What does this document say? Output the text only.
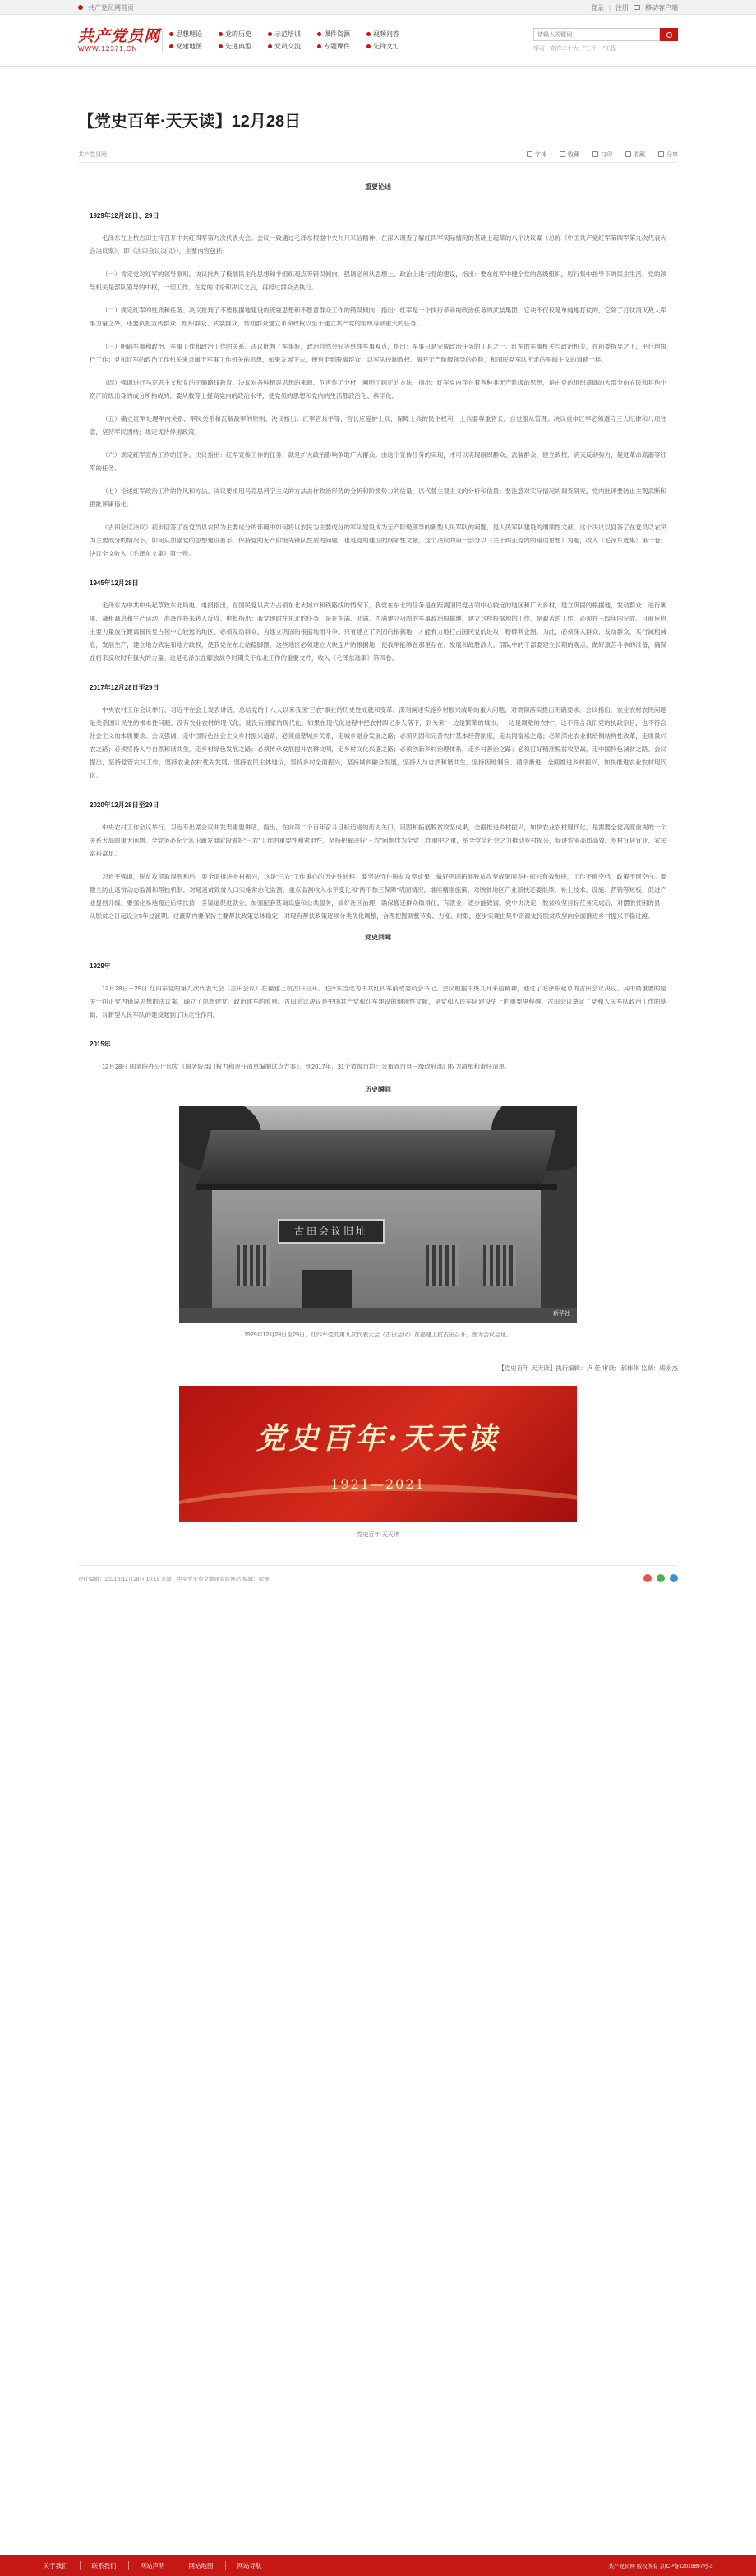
共产党员网首页	登录 | 注册	移动客户端
共产党员网
WWW.12371.CN
思想理论	党的历史	示范培训	课件资源	视频问答
党建地图	先进典型	党员交流	专题课件	先锋文汇
请输入关键词	学习 党的二十大 "三个一"工程
【党史百年·天天读】12月28日
共产党员网	字体	收藏	打印	收藏	分享
重要论述
1929年12月28日、29日

毛泽东在上杭古田主持召开中共红四军第九次代表大会。会议一致通过毛泽东根据中央九月来信精神、在深入调查了解红四军实际情况的基础上起草的八个决议案（总称《中国共产党红军第四军第九次代表大会决议案》，即《古田会议决议》），主要内容包括：

（一）肯定党对红军的领导原则。决议批判了极端民主化思想和非组织观点等错误倾向，强调必须从思想上、政治上进行党的建设，指出：要在红军中健全党的各级组织，厉行集中指导下的民主生活，党的领导机关是部队领导的中枢，一切工作，在党的讨论和决议之后，再经过群众去执行。

（二）规定红军的性质和任务。决议批判了不要根据地建设的流寇思想和不愿意群众工作的错误倾向，指出：红军是一个执行革命的政治任务的武装集团，它决不仅仅是单纯地打仗的，它除了打仗消灭敌人军事力量之外，还要负担宣传群众、组织群众、武装群众、帮助群众建立革命政权以至于建立共产党的组织等项重大的任务。

（三）明确军事和政治、军事工作和政治工作的关系。决议批判了军事好，政治自然会好等单纯军事观点，指出：军事只是完成政治任务的工具之一。红军的军事机关与政治机关，在前委指导之下，平行地执行工作；党和红军的政治工作机关来隶属于军事工作机关的思想，如果发展下去，便有走到脱离群众、以军队控制政权、离开无产阶级领导的危险，和国民党军队所走的军阀主义的道路一样。

（四）强调进行马克思主义和党的正确路线教育。决议对各种错误思想的来源、危害作了分析，阐明了纠正的方法，指出：红军党内存在着各种非无产阶级的思想，是由党的组织基础的大部分由农民和其他小资产阶级出身的成分所构成的，要从教育上提高党内的政治水平，使党员的思想和党内的生活都政治化、科学化。

（五）确立红军处理军内关系、军民关系和瓦解敌军的原则。决议指出：红军官兵平等，官长应爱护士兵，保障士兵的民主权利，士兵要尊重官长，自觉服从管理。决议重申红军必须遵守三大纪律和八项注意，坚持军民团结；规定优待俘虏政策。

（六）规定红军宣传工作的任务。决议指出：红军宣传工作的任务，就是扩大政治影响争取广大群众。由这个宣传任务的实现，才可以实现组织群众、武装群众、建立政权、消灭反动势力，促进革命高潮等红军的任务。

（七）论述红军政治工作的作风和方法。决议要求用马克思列宁主义的方法去作政治形势的分析和阶级势力的估量，以代替主观主义的分析和估量；要注意对实际情况的调查研究，党内批评要防止主观武断和把批评庸俗化。

《古田会议决议》初步回答了在党员以农民为主要成分的环境中如何将以农民为主要成分的军队建设成为无产阶级领导的新型人民军队的问题，是人民军队建设的纲领性文献。这个决议以回答了在党员以农民为主要成分的情况下，如何从加强党的思想建设着手，保持党的无产阶级先锋队性质的问题，也是党的建设的纲领性文献。这个决议的第一部分以《关于纠正党内的错误思想》为题，收入《毛泽东选集》第一卷；决议全文收入《毛泽东文集》第一卷。

1945年12月28日

毛泽东为中共中央起草致东北局电。电报指出，在国民党以武力占领东北大城市和铁路线的情况下，我党在东北的任务是在距离国民党占领中心较远的地区和广大乡村，建立巩固的根据地，发动群众，进行剿匪、减租减息和生产运动，准备在将来转入反攻。电报指出：我党现时在东北的任务，是在东满、北满、西满建立巩固的军事政治根据地，建立这样根据地的工作，是艰苦的工作，必须在三四年内完成。目前应将主要力量放在距离国民党占领中心较远的地区，必须发动群众，为建立巩固的根据地而斗争。只有建立了巩固的根据地，才能有力地打击国民党的进攻，粉碎其企图。为此，必须深入群众，发动群众，实行减租减息，发展生产，建立地方武装和地方政权，使我党在东北站稳脚跟。这些地区必须建立大块连片的根据地，使我军能够在那里存在、发展和战胜敌人。部队中的干部要建立长期的观点，做好艰苦斗争的准备，确保在将来反攻时有强大的力量。这是毛泽东在解放战争时期关于东北工作的重要文件，收入《毛泽东选集》第四卷。

2017年12月28日至29日

中央农村工作会议举行。习近平在会上发表讲话，总结党的十八大以来我国“三农”事业的历史性成就和变革，深刻阐述实施乡村振兴战略的重大问题，对贯彻落实提出明确要求。会议指出，农业农村农民问题是关系国计民生的根本性问题。没有农业农村的现代化，就没有国家的现代化。如果在现代化进程中把农村四亿多人落下，到头来“一边是繁荣的城市、一边是凋敝的农村”，这不符合我们党的执政宗旨，也不符合社会主义的本质要求。会议强调，走中国特色社会主义乡村振兴道路，必须重塑城乡关系，走城乡融合发展之路；必须巩固和完善农村基本经营制度，走共同富裕之路；必须深化农业供给侧结构性改革，走质量兴农之路；必须坚持人与自然和谐共生，走乡村绿色发展之路；必须传承发展提升农耕文明，走乡村文化兴盛之路；必须创新乡村治理体系，走乡村善治之路；必须打好精准脱贫攻坚战，走中国特色减贫之路。会议提出，坚持党管农村工作，坚持农业农村优先发展，坚持农民主体地位，坚持乡村全面振兴，坚持城乡融合发展，坚持人与自然和谐共生，坚持因地制宜、循序渐进，全面推进乡村振兴，加快推进农业农村现代化。

2020年12月28日至29日

中央农村工作会议举行。习近平出席会议并发表重要讲话，指出，在向第二个百年奋斗目标迈进的历史关口，巩固和拓展脱贫攻坚成果，全面推进乡村振兴，加快农业农村现代化，是需要全党高度重视的一个关系大局的重大问题。全党务必充分认识新发展阶段做好“三农”工作的重要性和紧迫性，坚持把解决好“三农”问题作为全党工作重中之重，举全党全社会之力推动乡村振兴，促进农业高质高效、乡村宜居宜业、农民富裕富足。

习近平强调，脱贫攻坚取得胜利后，要全面推进乡村振兴，这是“三农”工作重心的历史性转移。要坚决守住脱贫攻坚成果，做好巩固拓展脱贫攻坚成果同乡村振兴有效衔接，工作不留空档，政策不留空白。要健全防止返贫动态监测和帮扶机制，对易返贫致贫人口实施常态化监测，重点监测收入水平变化和“两不愁三保障”巩固情况，继续精准施策。对脱贫地区产业帮扶还要继续，补上技术、设施、营销等短板，促进产业提档升级。要强化易地搬迁后续扶持，多渠道促进就业，加强配套基础设施和公共服务，搞好社区治理，确保搬迁群众稳得住、有就业、逐步能致富。党中央决定，脱贫攻坚目标任务完成后，对摆脱贫困的县，从脱贫之日起设立5年过渡期。过渡期内要保持主要帮扶政策总体稳定，对现有帮扶政策逐项分类优化调整，合理把握调整节奏、力度、时限，逐步实现由集中资源支持脱贫攻坚向全面推进乡村振兴平稳过渡。

党史回眸
1929年

12月28日－29日 红四军党的第九次代表大会（古田会议）在福建上杭古田召开。毛泽东当选为中共红四军前敌委员会书记。会议根据中央九月来信精神，通过了毛泽东起草的古田会议决议。其中最重要的是关于纠正党内错误思想的决议案，确立了思想建党、政治建军的原则。古田会议决议是中国共产党和红军建设的纲领性文献，是党和人民军队建设史上的重要里程碑。古田会议奠定了党和人民军队政治工作的基础，对新型人民军队的建设起到了决定性作用。

2015年

12月28日 国务院办公厅印发《国务院部门权力和责任清单编制试点方案》。到2017年，31个省级市均已公布省市县三级政府部门权力清单和责任清单。

历史瞬间
古田会议旧址
新华社
1929年12月28日至29日，红四军党的第九次代表大会（古田会议）在福建上杭古田召开。图为会议会址。
【党史百年·天天读】执行编辑：卢 佳 审读：郝伟伟 监制：班永杰
党史百年·天天读
1921—2021
党史百年·天天读
责任编辑：2021年12月28日 10:15 来源：中央党史和文献研究院网站 编辑：徐琴
关于我们	联系我们	网站声明	网站地图	网站导航	共产党员网 版权所有 京ICP备12018897号-3
